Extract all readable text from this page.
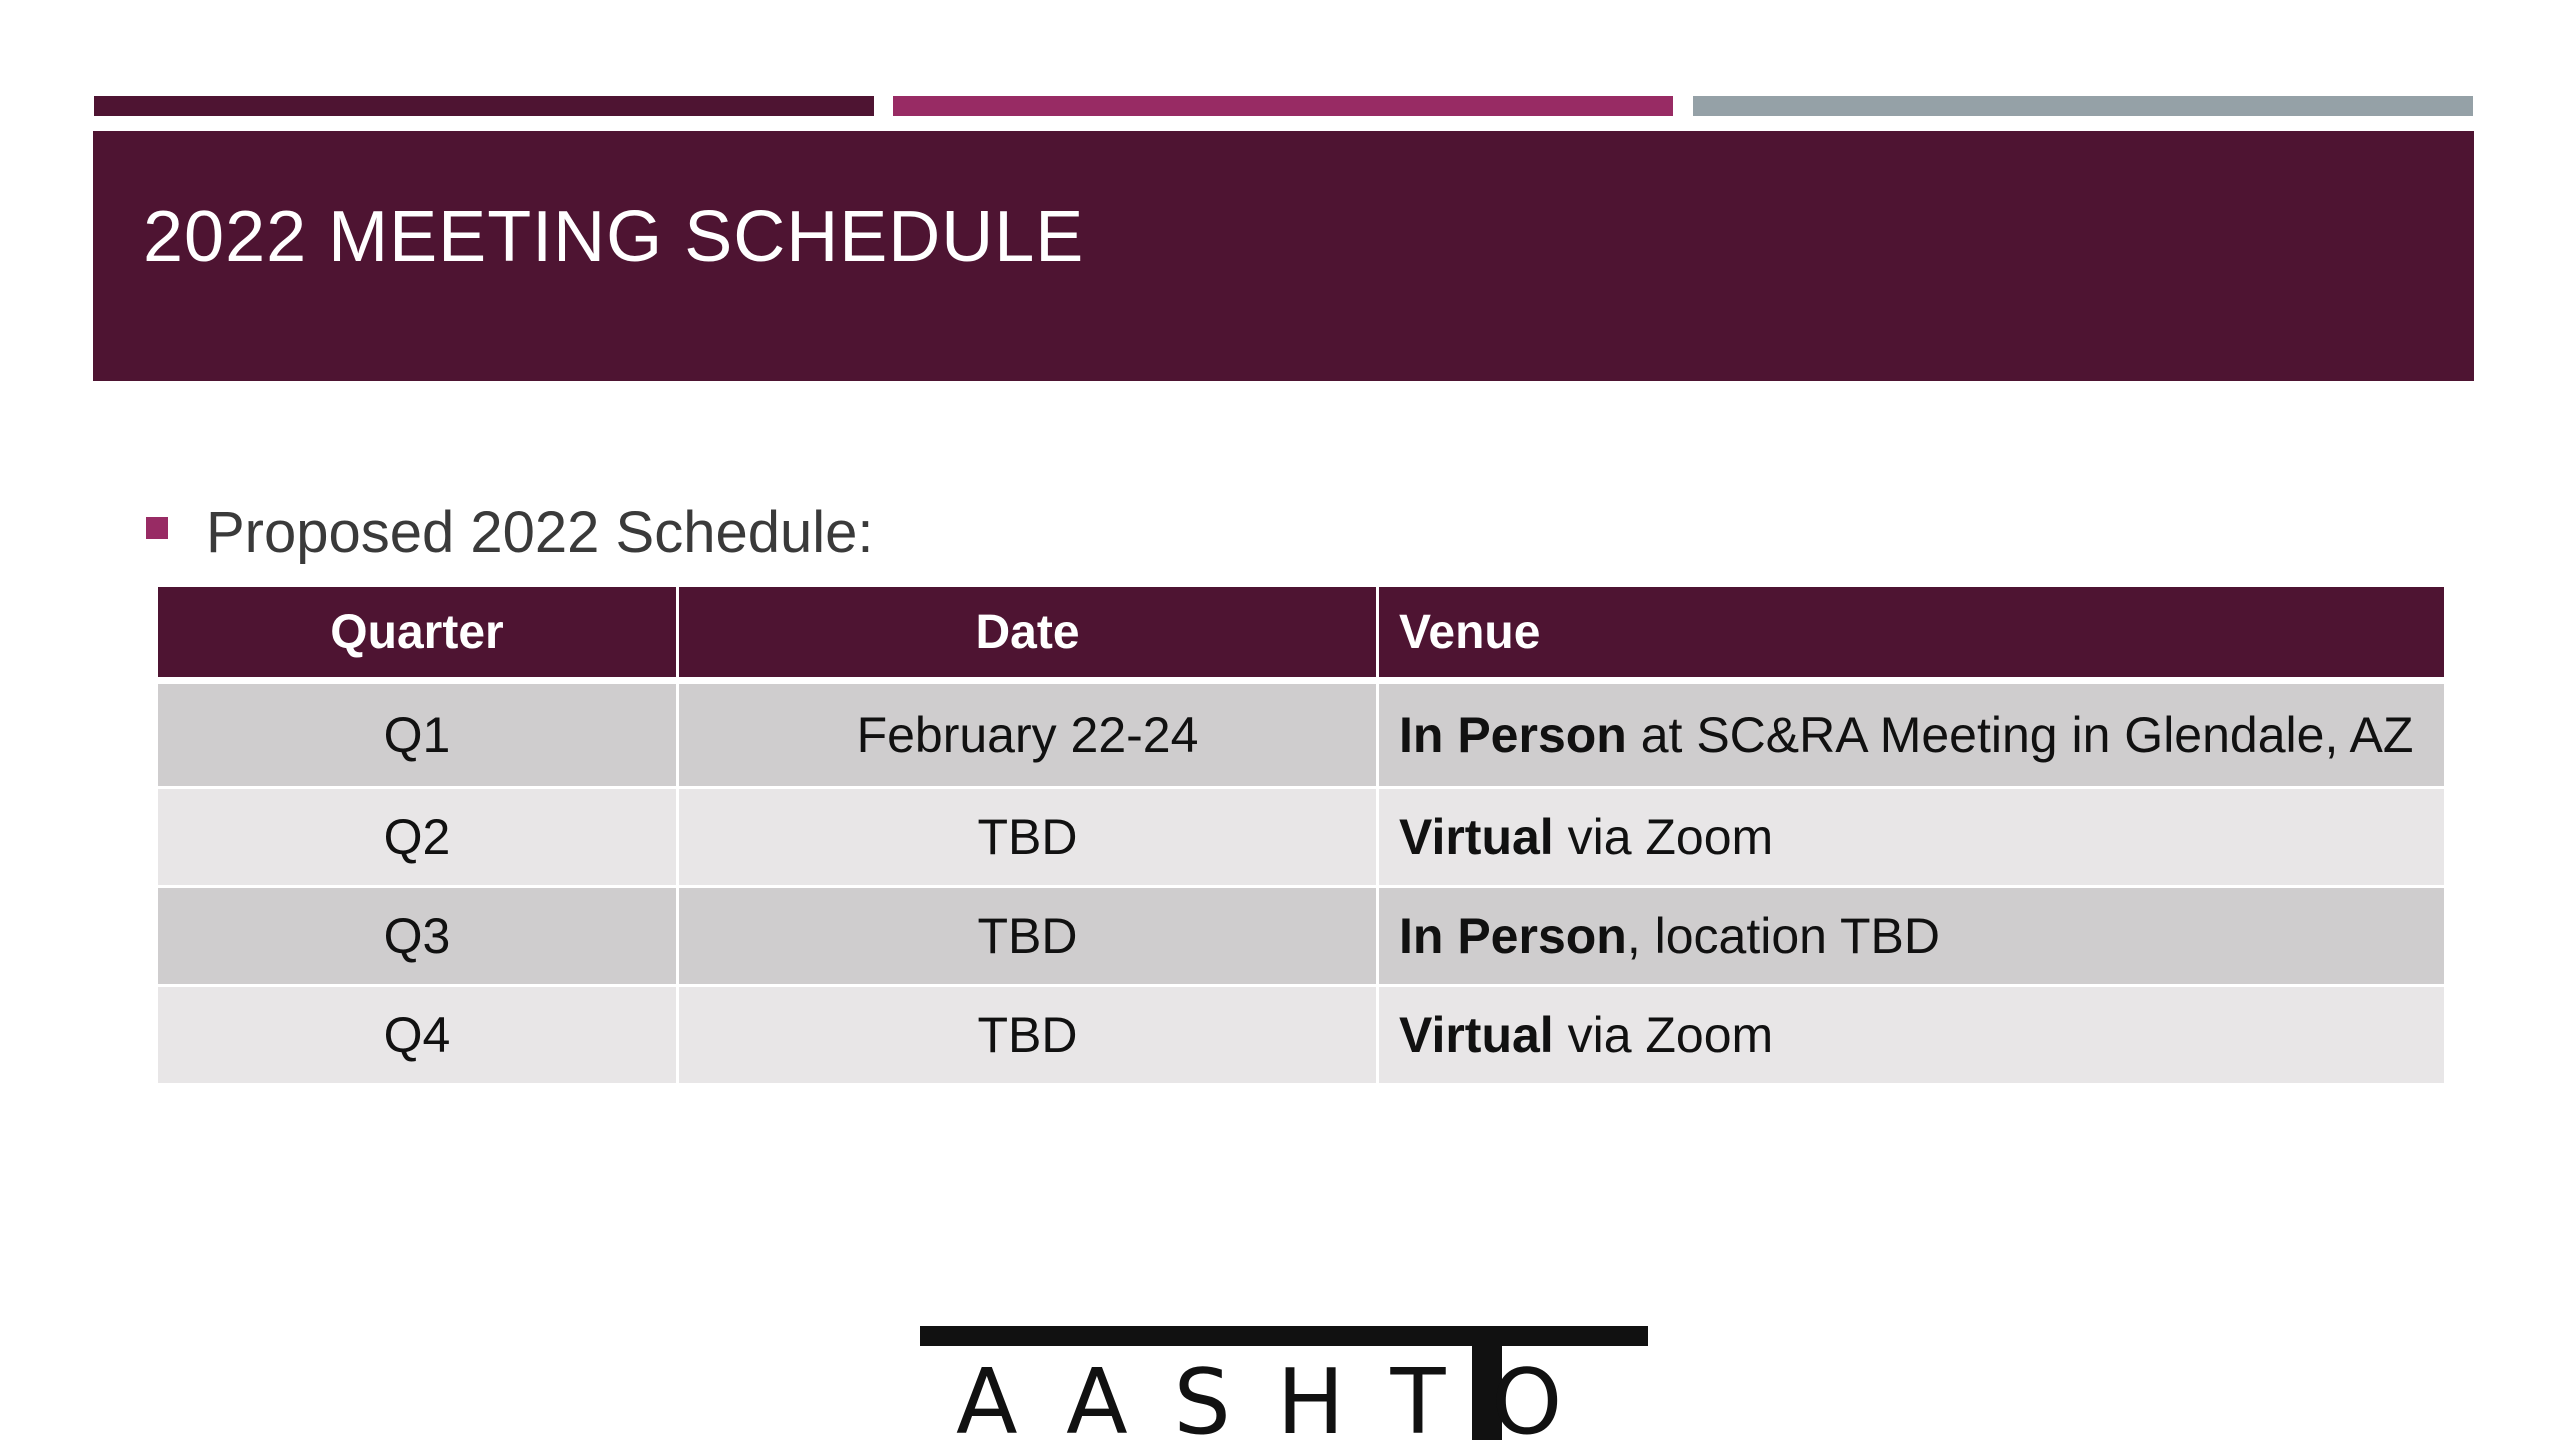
2022 MEETING SCHEDULE
Proposed 2022 Schedule:
Quarter	Date	Venue
Q1	February 22-24	In Person at SC&RA Meeting in Glendale, AZ
Q2	TBD	Virtual via Zoom
Q3	TBD	In Person, location TBD
Q4	TBD	Virtual via Zoom
AASHTO
